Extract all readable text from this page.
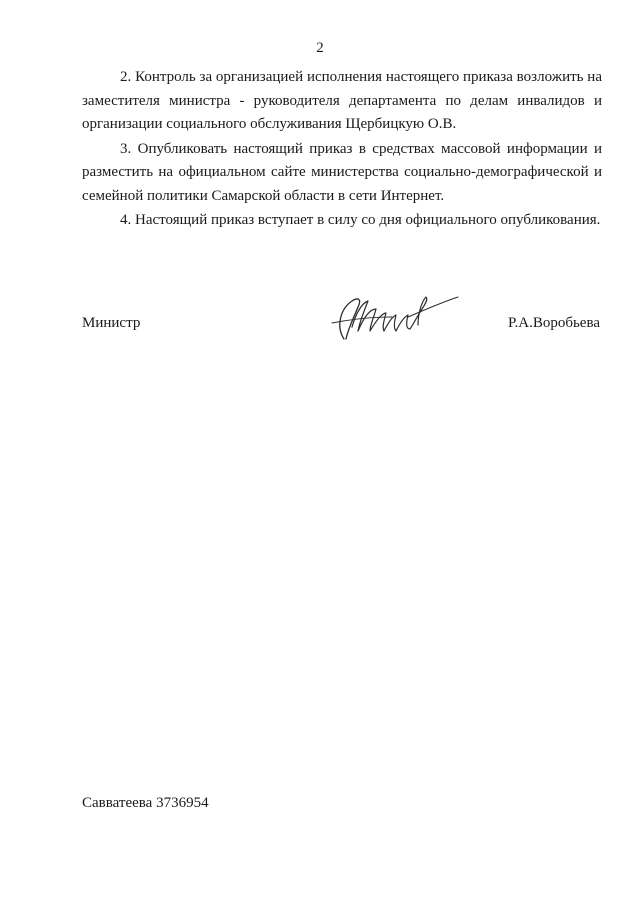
2

2. Контроль за организацией исполнения настоящего приказа возложить на заместителя министра - руководителя департамента по делам инвалидов и организации социального обслуживания Щербицкую О.В.

3. Опубликовать настоящий приказ в средствах массовой информации и разместить на официальном сайте министерства социально-демографической и семейной политики Самарской области в сети Интернет.

4. Настоящий приказ вступает в силу со дня официального опубликования.

Министр	Р.А.Воробьева
Савватеева 3736954
